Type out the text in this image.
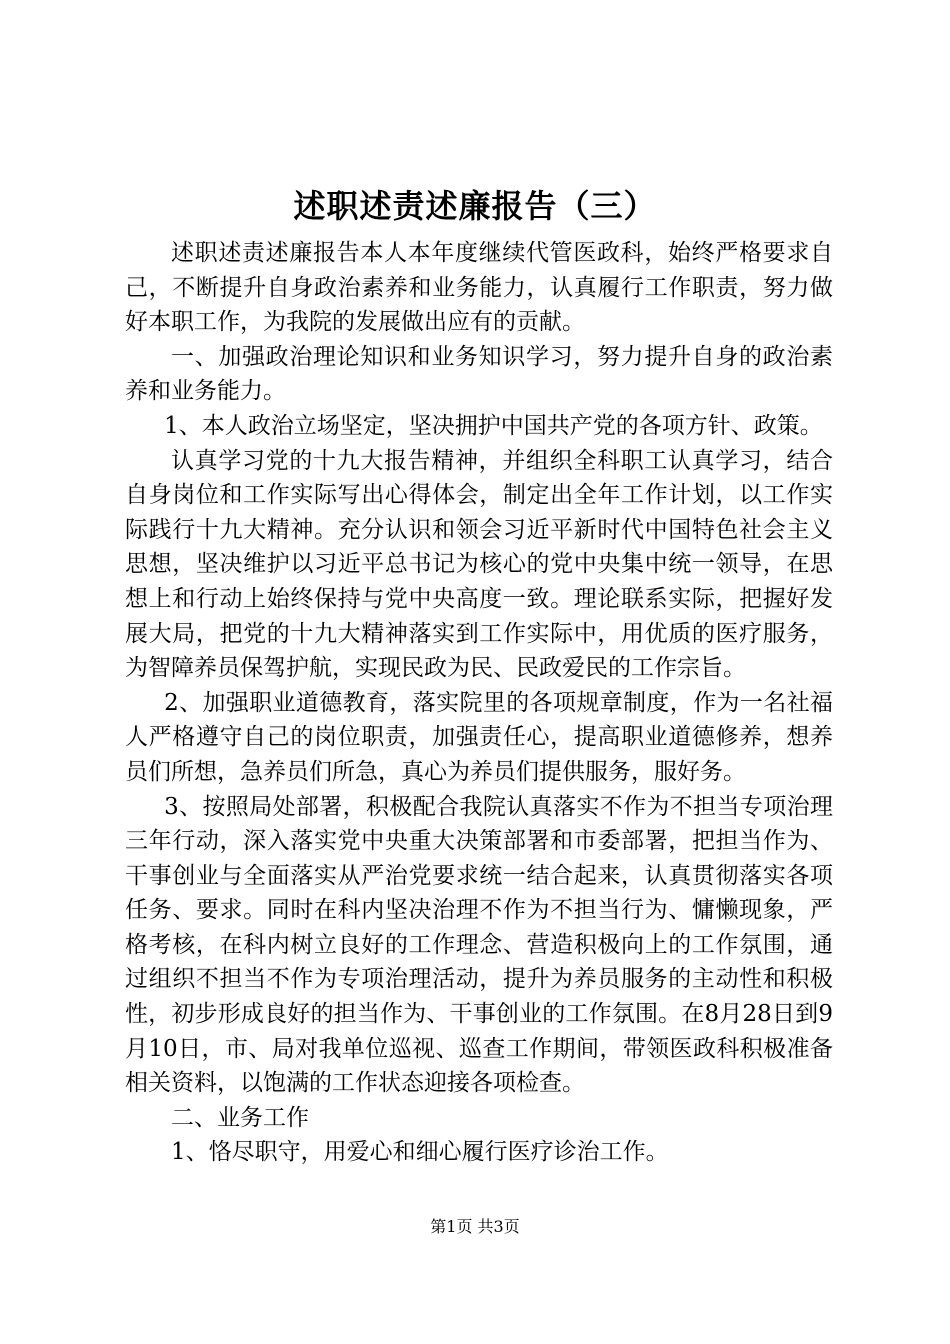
述职述责述廉报告（三）

述职述责述廉报告本人本年度继续代管医政科，始终严格要求自己，不断提升自身政治素养和业务能力，认真履行工作职责，努力做好本职工作，为我院的发展做出应有的贡献。

一、加强政治理论知识和业务知识学习，努力提升自身的政治素养和业务能力。

1、本人政治立场坚定，坚决拥护中国共产党的各项方针、政策。

认真学习党的十九大报告精神，并组织全科职工认真学习，结合自身岗位和工作实际写出心得体会，制定出全年工作计划，以工作实际践行十九大精神。充分认识和领会习近平新时代中国特色社会主义思想，坚决维护以习近平总书记为核心的党中央集中统一领导，在思想上和行动上始终保持与党中央高度一致。理论联系实际，把握好发展大局，把党的十九大精神落实到工作实际中，用优质的医疗服务，为智障养员保驾护航，实现民政为民、民政爱民的工作宗旨。

2、加强职业道德教育，落实院里的各项规章制度，作为一名社福人严格遵守自己的岗位职责，加强责任心，提高职业道德修养，想养员们所想，急养员们所急，真心为养员们提供服务，服好务。

3、按照局处部署，积极配合我院认真落实不作为不担当专项治理三年行动，深入落实党中央重大决策部署和市委部署，把担当作为、干事创业与全面落实从严治党要求统一结合起来，认真贯彻落实各项任务、要求。同时在科内坚决治理不作为不担当行为、慵懒现象，严格考核，在科内树立良好的工作理念、营造积极向上的工作氛围，通过组织不担当不作为专项治理活动，提升为养员服务的主动性和积极性，初步形成良好的担当作为、干事创业的工作氛围。在8月28日到9月10日，市、局对我单位巡视、巡查工作期间，带领医政科积极准备相关资料，以饱满的工作状态迎接各项检查。

二、业务工作

1、恪尽职守，用爱心和细心履行医疗诊治工作。

第1页 共3页
